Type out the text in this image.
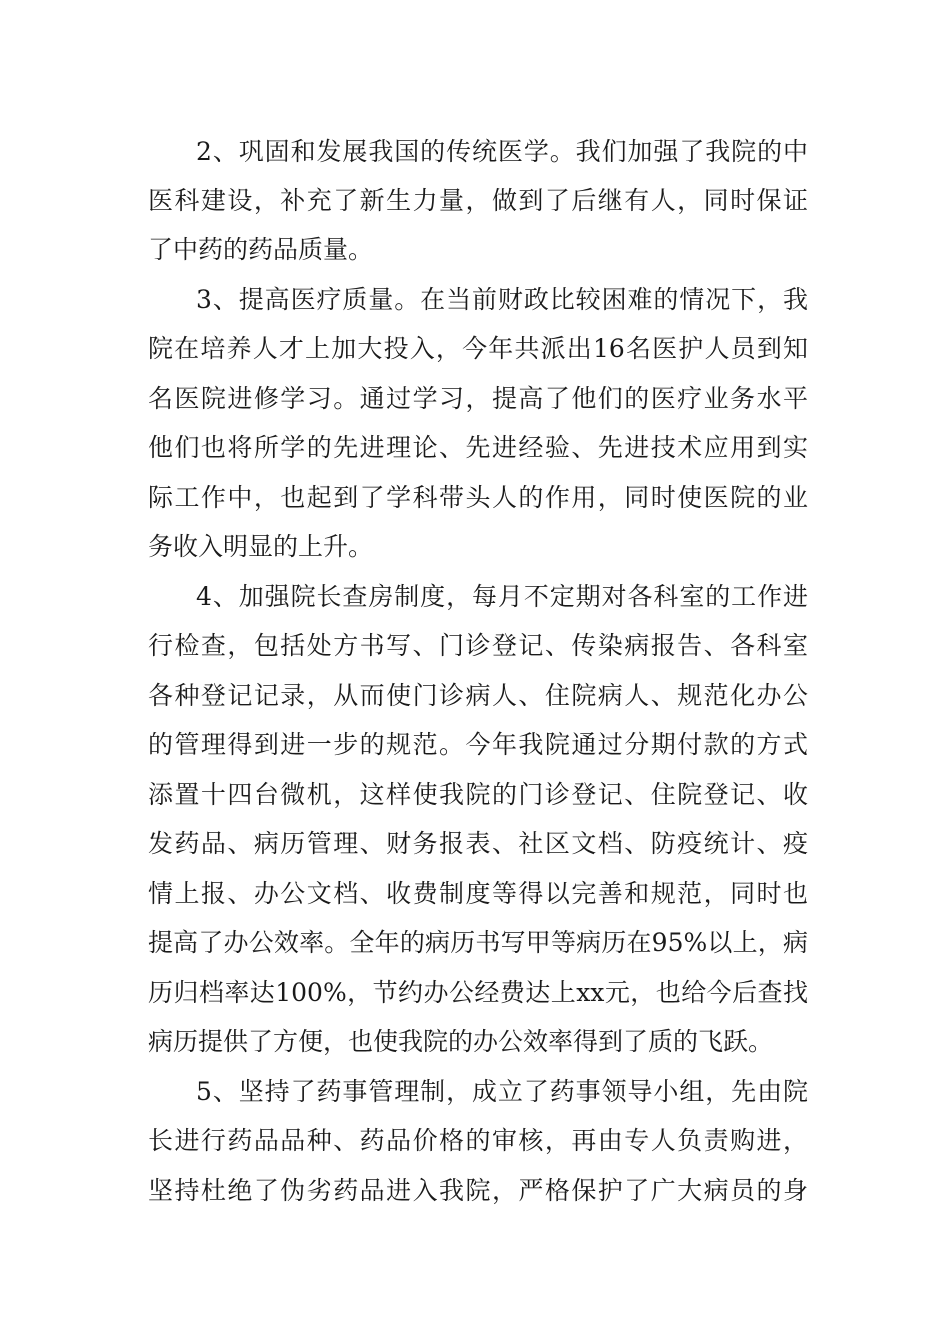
2、巩固和发展我国的传统医学。我们加强了我院的中
医科建设，补充了新生力量，做到了后继有人，同时保证
了中药的药品质量。
3、提高医疗质量。在当前财政比较困难的情况下，我
院在培养人才上加大投入，今年共派出16名医护人员到知
名医院进修学习。通过学习，提高了他们的医疗业务水平
他们也将所学的先进理论、先进经验、先进技术应用到实
际工作中，也起到了学科带头人的作用，同时使医院的业
务收入明显的上升。
4、加强院长查房制度，每月不定期对各科室的工作进
行检查，包括处方书写、门诊登记、传染病报告、各科室
各种登记记录，从而使门诊病人、住院病人、规范化办公
的管理得到进一步的规范。今年我院通过分期付款的方式
添置十四台微机，这样使我院的门诊登记、住院登记、收
发药品、病历管理、财务报表、社区文档、防疫统计、疫
情上报、办公文档、收费制度等得以完善和规范，同时也
提高了办公效率。全年的病历书写甲等病历在95%以上，病
历归档率达100%，节约办公经费达上xx元，也给今后查找
病历提供了方便，也使我院的办公效率得到了质的飞跃。
5、坚持了药事管理制，成立了药事领导小组，先由院
长进行药品品种、药品价格的审核，再由专人负责购进，
坚持杜绝了伪劣药品进入我院，严格保护了广大病员的身
